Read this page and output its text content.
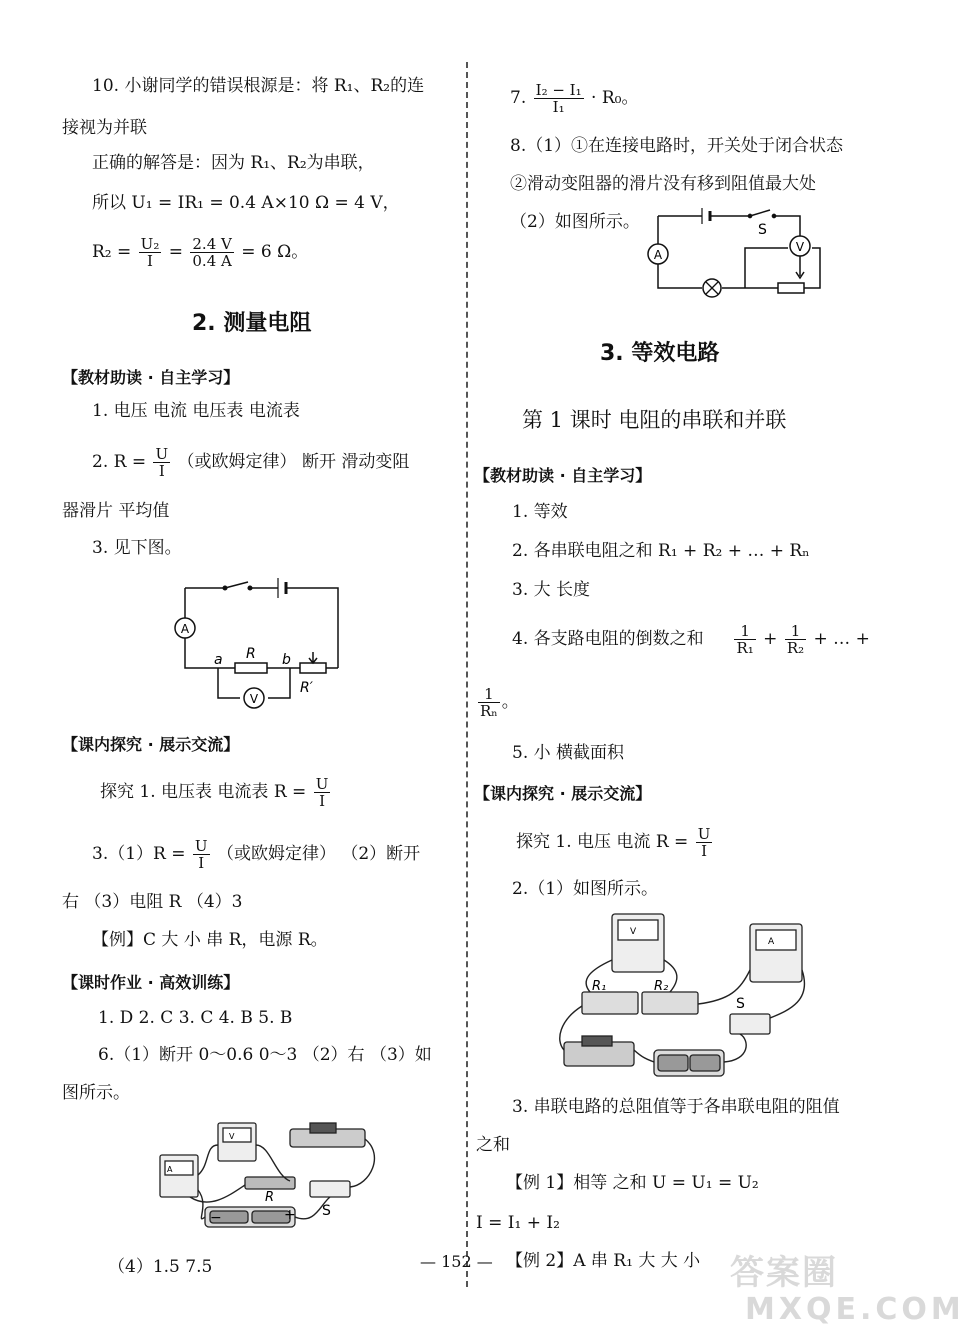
10. 小谢同学的错误根源是：将 R₁、R₂的连
接视为并联
正确的解答是：因为 R₁、R₂为串联，
所以 U₁ = IR₁ = 0.4 A×10 Ω = 4 V，
$R_2 = \frac{\text{U₂}}{I} = \frac{2.4 V}{0.4 A} = 6$ Ω。
2. 测量电阻
【教材助读 · 自主学习】
1. 电压 电流 电压表 电流表
2. $R = \frac{U}{I}$ （或欧姆定律） 断开 滑动变阻
器滑片 平均值
3. 见下图。
A
V
a	b
R
R′
【课内探究 · 展示交流】
探究 1. 电压表 电流表 $R = \frac{U}{I}$
$3.(1)R = \frac{U}{I}$ （或欧姆定律） （2）断开
右 （3）电阻 R （4）3
【例】C 大 小 串 R，电源 R。
【课时作业 · 高效训练】
1. D 2. C 3. C 4. B 5. B
6.（1）断开 0～0.6 0～3 （2）右 （3）如
图所示。
A
V
R
S
−	+
（4）1.5 7.5
7. $\frac{\text{I₂ − I₁}}{\text{I₁}} \cdot R_0$。
8.（1）①在连接电路时，开关处于闭合状态
②滑动变阻器的滑片没有移到阻值最大处
（2）如图所示。
A
V
S
3. 等效电路
第 1 课时 电阻的串联和并联
【教材助读 · 自主学习】
1. 等效
2. 各串联电阻之和 R₁ + R₂ + … + Rₙ
3. 大 长度
4. 各支路电阻的倒数之和 $\frac{1}{\text{R₁}} + \frac{1}{\text{R₂}}$ + … +
$\frac{1}{\text{Rₙ}}$ 。
5. 小 横截面积
【课内探究 · 展示交流】
探究 1. 电压 电流 $R = \frac{U}{I}$
2.（1）如图所示。
V
A
R₁	R₂
S
3. 串联电路的总阻值等于各串联电阻的阻值
之和
【例 1】相等 之和 U = U₁ = U₂
I = I₁ + I₂
【例 2】A 串 R₁ 大 大 小
— 152 —	答案圈
MXQE.COM
